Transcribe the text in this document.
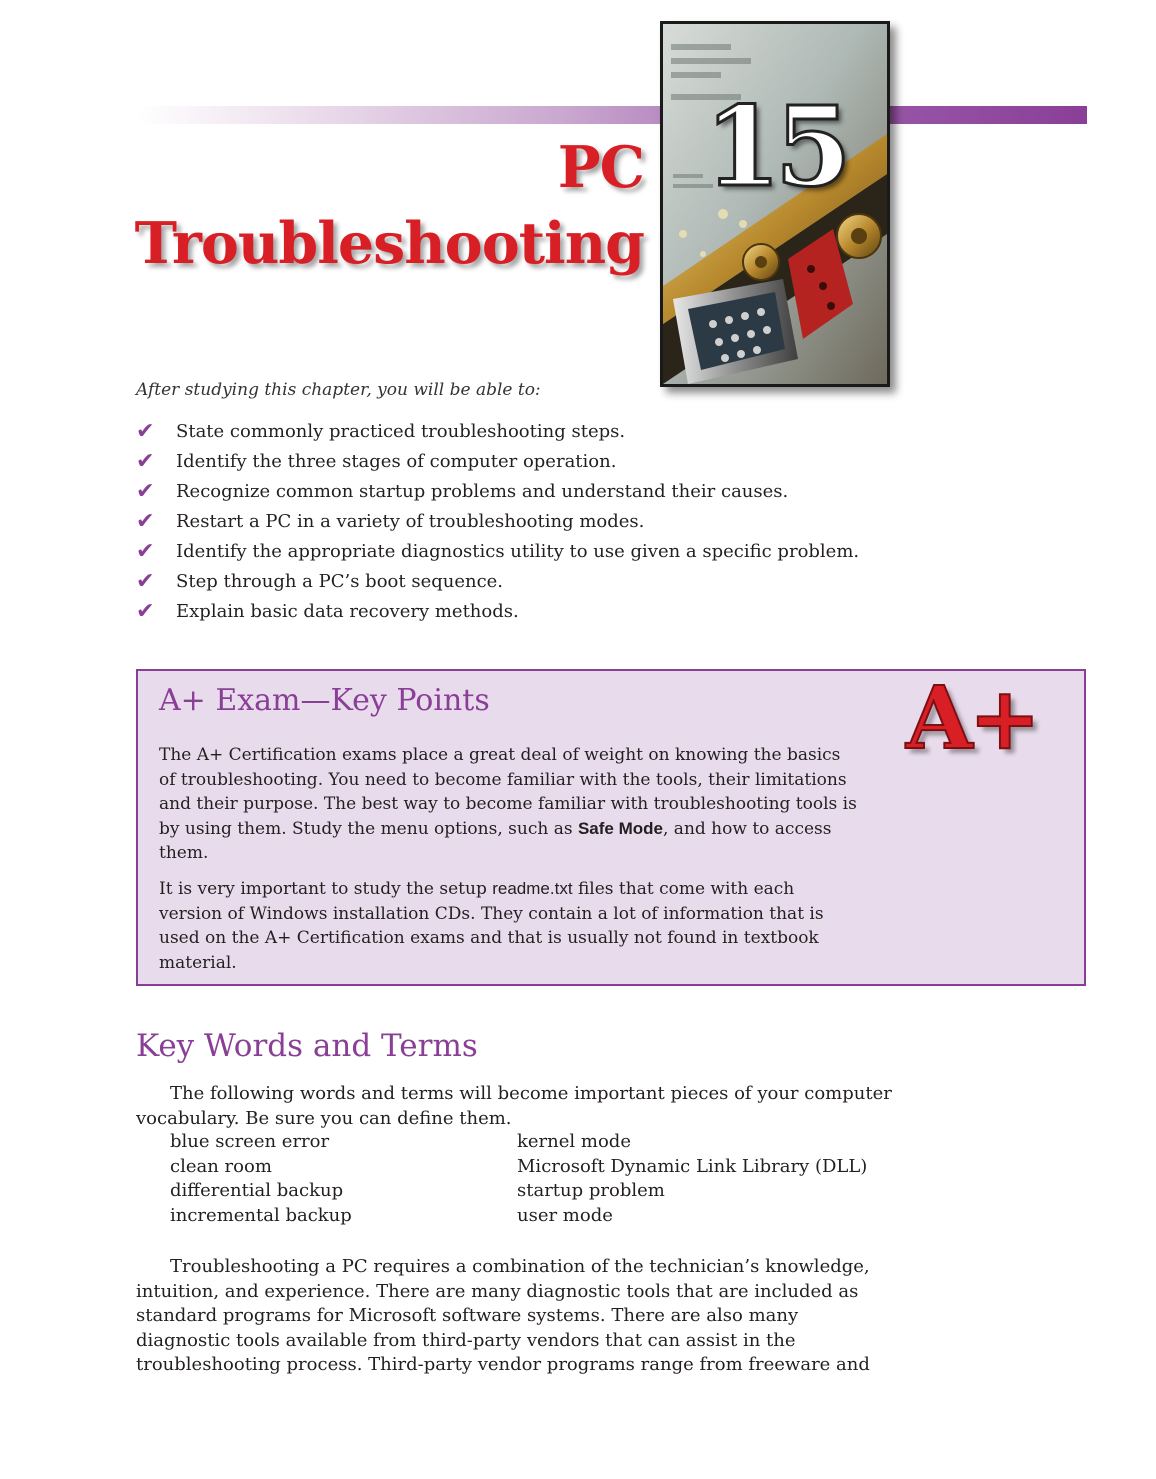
15
PC
Troubleshooting
After studying this chapter, you will be able to:
✔	State commonly practiced troubleshooting steps.
✔	Identify the three stages of computer operation.
✔	Recognize common startup problems and understand their causes.
✔	Restart a PC in a variety of troubleshooting modes.
✔	Identify the appropriate diagnostics utility to use given a specific problem.
✔	Step through a PC’s boot sequence.
✔	Explain basic data recovery methods.
A+ Exam—Key Points
The A+ Certification exams place a great deal of weight on knowing the basics of troubleshooting. You need to become familiar with the tools, their limitations and their purpose. The best way to become familiar with troubleshooting tools is by using them. Study the menu options, such as Safe Mode, and how to access them.
It is very important to study the setup readme.txt files that come with each version of Windows installation CDs. They contain a lot of information that is used on the A+ Certification exams and that is usually not found in textbook material.
A+
Key Words and Terms
The following words and terms will become important pieces of your computer vocabulary. Be sure you can define them.
blue screen error	kernel mode
clean room	Microsoft Dynamic Link Library (DLL)
differential backup	startup problem
incremental backup	user mode
Troubleshooting a PC requires a combination of the technician’s knowledge, intuition, and experience. There are many diagnostic tools that are included as standard programs for Microsoft software systems. There are also many diagnostic tools available from third-party vendors that can assist in the troubleshooting process. Third-party vendor programs range from freeware and
